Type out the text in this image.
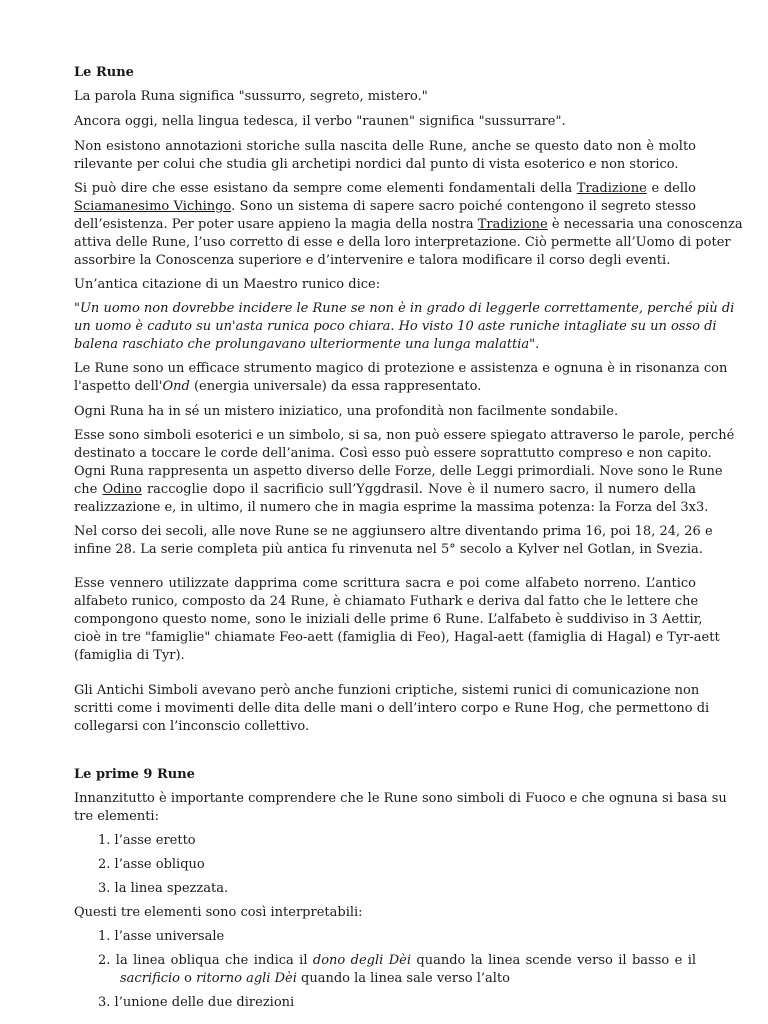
Le Rune
La parola Runa significa "sussurro, segreto, mistero."
Ancora oggi, nella lingua tedesca, il verbo "raunen" significa "sussurrare".
Non esistono annotazioni storiche sulla nascita delle Rune, anche se questo dato non è molto
rilevante per colui che studia gli archetipi nordici dal punto di vista esoterico e non storico.
Si può dire che esse esistano da sempre come elementi fondamentali della Tradizione e dello
Sciamanesimo Vichingo. Sono un sistema di sapere sacro poiché contengono il segreto stesso
dell’esistenza. Per poter usare appieno la magia della nostra Tradizione è necessaria una conoscenza
attiva delle Rune, l’uso corretto di esse e della loro interpretazione. Ciò permette all’Uomo di poter
assorbire la Conoscenza superiore e d’intervenire e talora modificare il corso degli eventi.
Un’antica citazione di un Maestro runico dice:
"Un uomo non dovrebbe incidere le Rune se non è in grado di leggerle correttamente, perché più di
un uomo è caduto su un'asta runica poco chiara. Ho visto 10 aste runiche intagliate su un osso di
balena raschiato che prolungavano ulteriormente una lunga malattia".
Le Rune sono un efficace strumento magico di protezione e assistenza e ognuna è in risonanza con
l'aspetto dell'Ond (energia universale) da essa rappresentato.
Ogni Runa ha in sé un mistero iniziatico, una profondità non facilmente sondabile.
Esse sono simboli esoterici e un simbolo, si sa, non può essere spiegato attraverso le parole, perché
destinato a toccare le corde dell’anima. Così esso può essere soprattutto compreso e non capito.
Ogni Runa rappresenta un aspetto diverso delle Forze, delle Leggi primordiali. Nove sono le Rune
che Odino raccoglie dopo il sacrificio sull’Yggdrasil. Nove è il numero sacro, il numero della
realizzazione e, in ultimo, il numero che in magia esprime la massima potenza: la Forza del 3x3.
Nel corso dei secoli, alle nove Rune se ne aggiunsero altre diventando prima 16, poi 18, 24, 26 e
infine 28. La serie completa più antica fu rinvenuta nel 5° secolo a Kylver nel Gotlan, in Svezia.
Esse vennero utilizzate dapprima come scrittura sacra e poi come alfabeto norreno. L’antico
alfabeto runico, composto da 24 Rune, è chiamato Futhark e deriva dal fatto che le lettere che
compongono questo nome, sono le iniziali delle prime 6 Rune. L’alfabeto è suddiviso in 3 Aettir,
cioè in tre "famiglie" chiamate Feo-aett (famiglia di Feo), Hagal-aett (famiglia di Hagal) e Tyr-aett
(famiglia di Tyr).
Gli Antichi Simboli avevano però anche funzioni criptiche, sistemi runici di comunicazione non
scritti come i movimenti delle dita delle mani o dell’intero corpo e Rune Hog, che permettono di
collegarsi con l’inconscio collettivo.
Le prime 9 Rune
Innanzitutto è importante comprendere che le Rune sono simboli di Fuoco e che ognuna si basa su
tre elementi:
1. l’asse eretto
2. l’asse obliquo
3. la linea spezzata.
Questi tre elementi sono così interpretabili:
1. l’asse universale
2. la linea obliqua che indica il dono degli Dèi quando la linea scende verso il basso e il
sacrificio o ritorno agli Dèi quando la linea sale verso l’alto
3. l’unione delle due direzioni
